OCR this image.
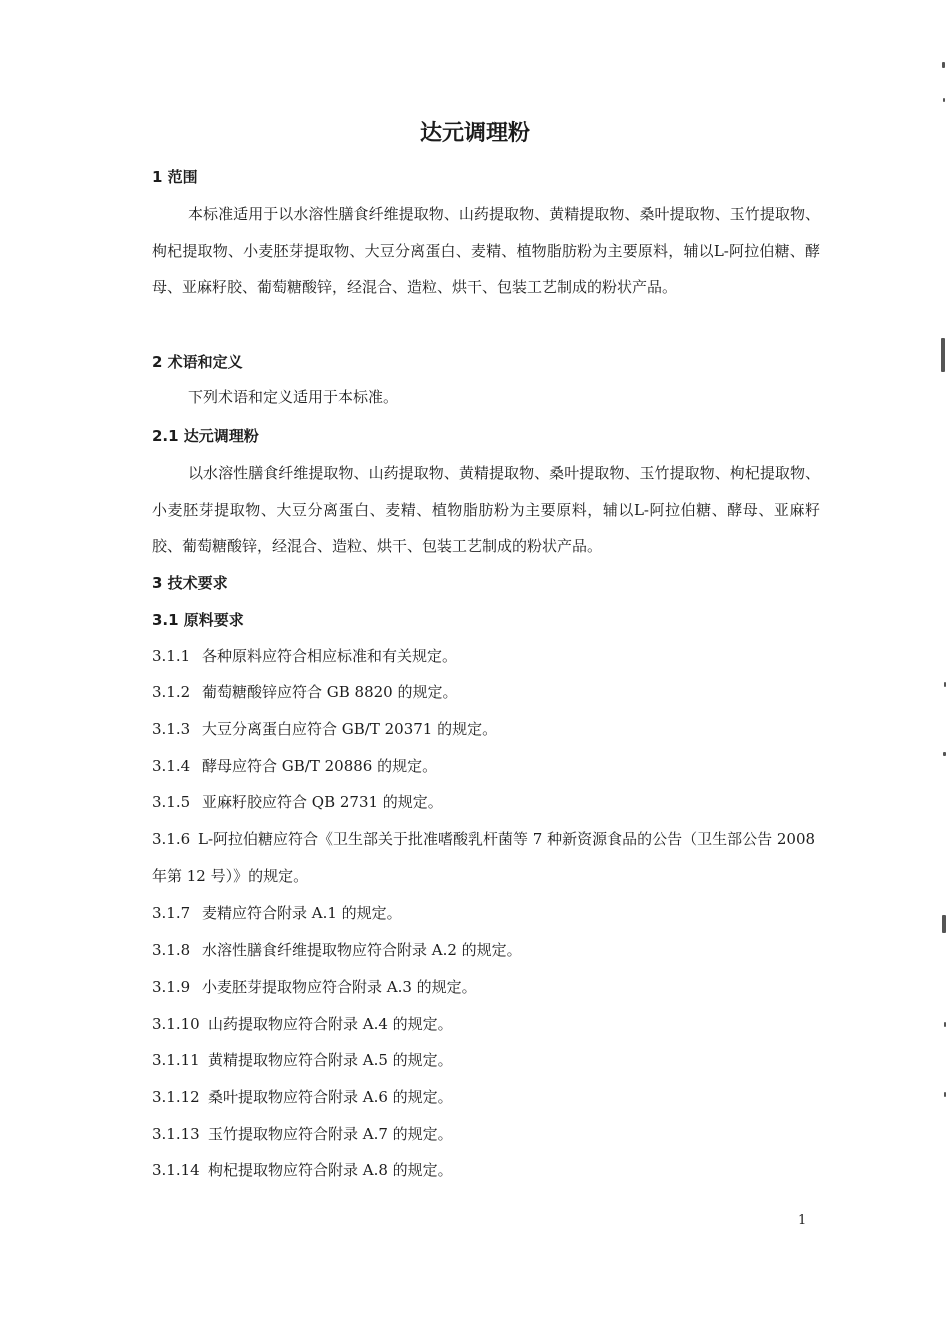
达元调理粉
1 范围

本标准适用于以水溶性膳食纤维提取物、山药提取物、黄精提取物、桑叶提取物、玉竹提取物、枸杞提取物、小麦胚芽提取物、大豆分离蛋白、麦精、植物脂肪粉为主要原料，辅以L-阿拉伯糖、酵母、亚麻籽胶、葡萄糖酸锌，经混合、造粒、烘干、包装工艺制成的粉状产品。

2 术语和定义

下列术语和定义适用于本标准。

2.1 达元调理粉

以水溶性膳食纤维提取物、山药提取物、黄精提取物、桑叶提取物、玉竹提取物、枸杞提取物、小麦胚芽提取物、大豆分离蛋白、麦精、植物脂肪粉为主要原料，辅以L-阿拉伯糖、酵母、亚麻籽胶、葡萄糖酸锌，经混合、造粒、烘干、包装工艺制成的粉状产品。

3 技术要求
3.1 原料要求
3.1.1 各种原料应符合相应标准和有关规定。
3.1.2 葡萄糖酸锌应符合 GB 8820 的规定。
3.1.3 大豆分离蛋白应符合 GB/T 20371 的规定。
3.1.4 酵母应符合 GB/T 20886 的规定。
3.1.5 亚麻籽胶应符合 QB 2731 的规定。
3.1.6 L-阿拉伯糖应符合《卫生部关于批准嗜酸乳杆菌等 7 种新资源食品的公告（卫生部公告 2008 年第 12 号）》的规定。
3.1.7 麦精应符合附录 A.1 的规定。
3.1.8 水溶性膳食纤维提取物应符合附录 A.2 的规定。
3.1.9 小麦胚芽提取物应符合附录 A.3 的规定。
3.1.10 山药提取物应符合附录 A.4 的规定。
3.1.11 黄精提取物应符合附录 A.5 的规定。
3.1.12 桑叶提取物应符合附录 A.6 的规定。
3.1.13 玉竹提取物应符合附录 A.7 的规定。
3.1.14 枸杞提取物应符合附录 A.8 的规定。
1
